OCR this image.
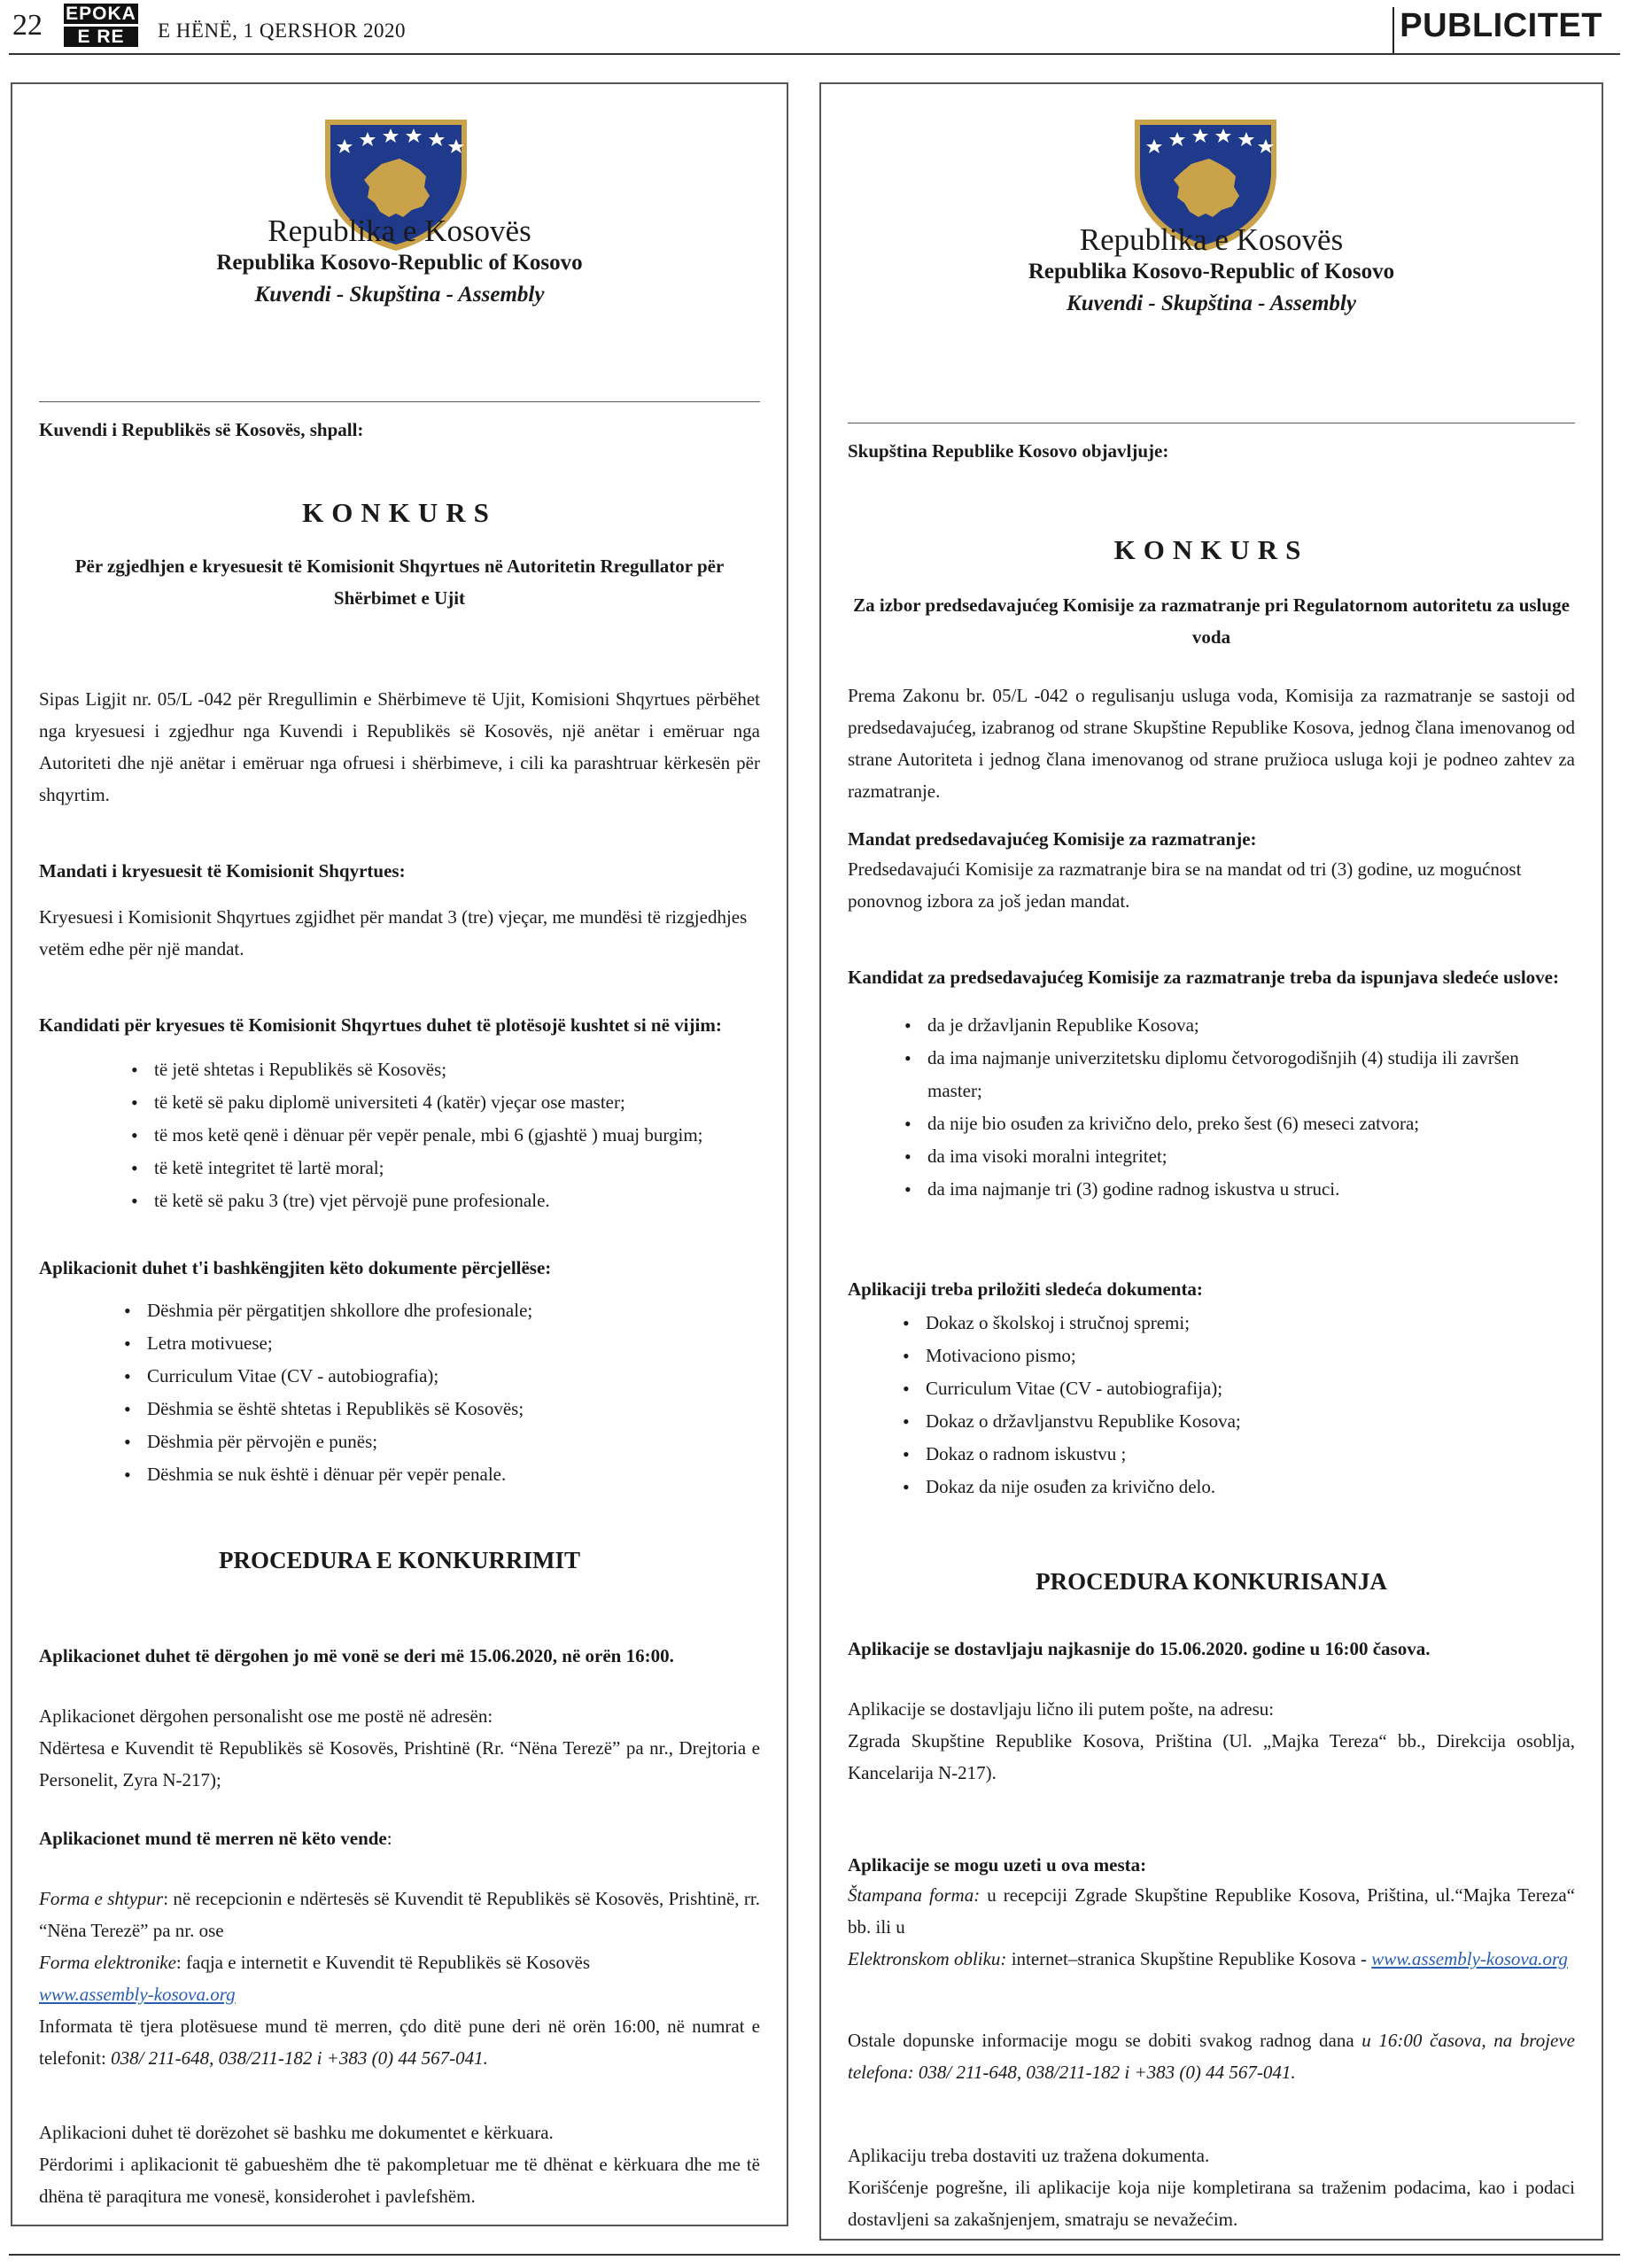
22 EPOKA
E RE	E HËNË, 1 QERSHOR 2020	PUBLICITET
Republika e Kosovës
Republika Kosovo-Republic of Kosovo
Kuvendi - Skupština - Assembly
Kuvendi i Republikës së Kosovës, shpall:
KONKURS
Për zgjedhjen e kryesuesit të Komisionit Shqyrtues në Autoritetin Rregullator për
Shërbimet e Ujit
Sipas Ligjit nr. 05/L -042 për Rregullimin e Shërbimeve të Ujit, Komisioni Shqyrtues përbëhet nga kryesuesi i zgjedhur nga Kuvendi i Republikës së Kosovës, një anëtar i emëruar nga Autoriteti dhe një anëtar i emëruar nga ofruesi i shërbimeve, i cili ka parashtruar kërkesën për shqyrtim.
Mandati i kryesuesit të Komisionit Shqyrtues:
Kryesuesi i Komisionit Shqyrtues zgjidhet për mandat 3 (tre) vjeçar, me mundësi të rizgjedhjes vetëm edhe për një mandat.
Kandidati për kryesues të Komisionit Shqyrtues duhet të plotësojë kushtet si në vijim:
• të jetë shtetas i Republikës së Kosovës;
• të ketë së paku diplomë universiteti 4 (katër) vjeçar ose master;
• të mos ketë qenë i dënuar për vepër penale, mbi 6 (gjashtë ) muaj burgim;
• të ketë integritet të lartë moral;
• të ketë së paku 3 (tre) vjet përvojë pune profesionale.
Aplikacionit duhet t'i bashkëngjiten këto dokumente përcjellëse:
• Dëshmia për përgatitjen shkollore dhe profesionale;
• Letra motivuese;
• Curriculum Vitae (CV - autobiografia);
• Dëshmia se është shtetas i Republikës së Kosovës;
• Dëshmia për përvojën e punës;
• Dëshmia se nuk është i dënuar për vepër penale.
PROCEDURA E KONKURRIMIT
Aplikacionet duhet të dërgohen jo më vonë se deri më 15.06.2020, në orën 16:00.
Aplikacionet dërgohen personalisht ose me postë në adresën:
Ndërtesa e Kuvendit të Republikës së Kosovës, Prishtinë (Rr. “Nëna Terezë” pa nr., Drejtoria e Personelit, Zyra N-217);
Aplikacionet mund të merren në këto vende:
Forma e shtypur: në recepcionin e ndërtesës së Kuvendit të Republikës së Kosovës, Prishtinë, rr. “Nëna Terezë” pa nr. ose
Forma elektronike: faqja e internetit e Kuvendit të Republikës së Kosovës
www.assembly-kosova.org
Informata të tjera plotësuese mund të merren, çdo ditë pune deri në orën 16:00, në numrat e telefonit: 038/ 211-648, 038/211-182 i +383 (0) 44 567-041.
Aplikacioni duhet të dorëzohet së bashku me dokumentet e kërkuara.
Përdorimi i aplikacionit të gabueshëm dhe të pakompletuar me të dhënat e kërkuara dhe me të dhëna të paraqitura me vonesë, konsiderohet i pavlefshëm.
Republika e Kosovës
Republika Kosovo-Republic of Kosovo
Kuvendi - Skupština - Assembly
Skupština Republike Kosovo objavljuje:
KONKURS
Za izbor predsedavajućeg Komisije za razmatranje pri Regulatornom autoritetu za usluge
voda
Prema Zakonu br. 05/L -042 o regulisanju usluga voda, Komisija za razmatranje se sastoji od predsedavajućeg, izabranog od strane Skupštine Republike Kosova, jednog člana imenovanog od strane Autoriteta i jednog člana imenovanog od strane pružioca usluga koji je podneo zahtev za razmatranje.
Mandat predsedavajućeg Komisije za razmatranje:
Predsedavajući Komisije za razmatranje bira se na mandat od tri (3) godine, uz mogućnost ponovnog izbora za još jedan mandat.
Kandidat za predsedavajućeg Komisije za razmatranje treba da ispunjava sledeće uslove:
• da je državljanin Republike Kosova;
• da ima najmanje univerzitetsku diplomu četvorogodišnjih (4) studija ili završen master;
• da nije bio osuđen za krivično delo, preko šest (6) meseci zatvora;
• da ima visoki moralni integritet;
• da ima najmanje tri (3) godine radnog iskustva u struci.
Aplikaciji treba priložiti sledeća dokumenta:
• Dokaz o školskoj i stručnoj spremi;
• Motivaciono pismo;
• Curriculum Vitae (CV - autobiografija);
• Dokaz o državljanstvu Republike Kosova;
• Dokaz o radnom iskustvu ;
• Dokaz da nije osuđen za krivično delo.
PROCEDURA KONKURISANJA
Aplikacije se dostavljaju najkasnije do 15.06.2020. godine u 16:00 časova.
Aplikacije se dostavljaju lično ili putem pošte, na adresu:
Zgrada Skupštine Republike Kosova, Priština (Ul. „Majka Tereza“ bb., Direkcija osoblja, Kancelarija N-217).
Aplikacije se mogu uzeti u ova mesta:
Štampana forma: u recepciji Zgrade Skupštine Republike Kosova, Priština, ul.“Majka Tereza“ bb. ili u
Elektronskom obliku: internet–stranica Skupštine Republike Kosova - www.assembly-kosova.org
Ostale dopunske informacije mogu se dobiti svakog radnog dana u 16:00 časova, na brojeve telefona: 038/ 211-648, 038/211-182 i +383 (0) 44 567-041.
Aplikaciju treba dostaviti uz tražena dokumenta.
Korišćenje pogrešne, ili aplikacije koja nije kompletirana sa traženim podacima, kao i podaci dostavljeni sa zakašnjenjem, smatraju se nevažećim.
